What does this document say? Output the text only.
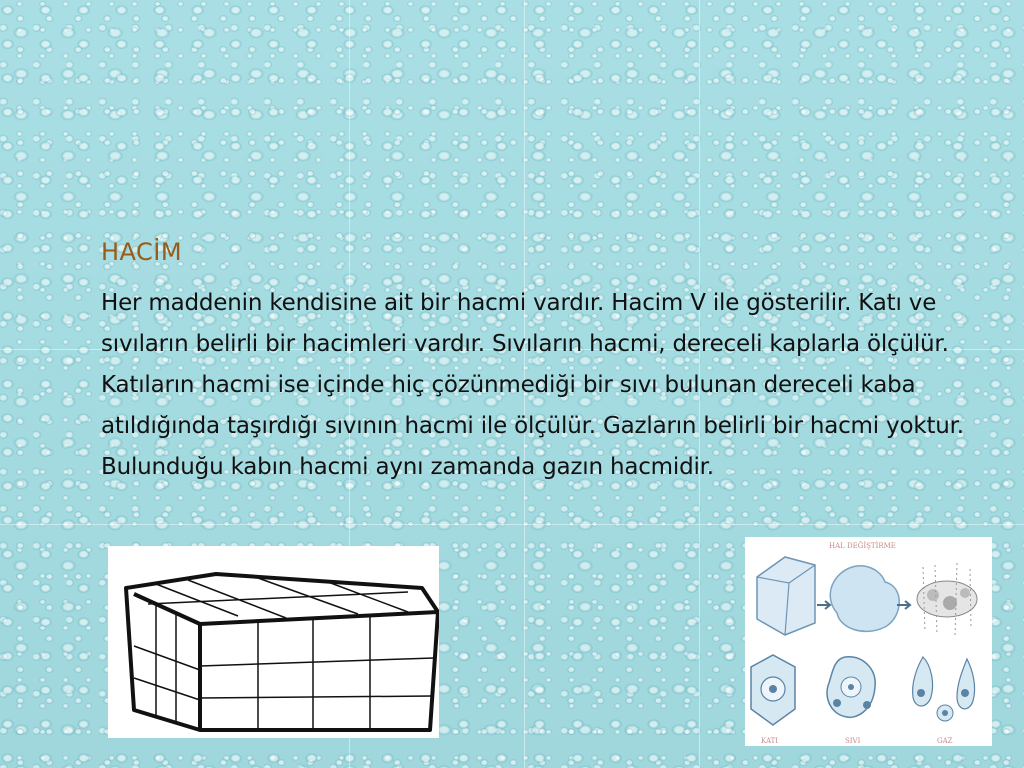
HACİM
Her maddenin kendisine ait bir hacmi vardır. Hacim V ile gösterilir. Katı ve sıvıların belirli bir hacimleri vardır. Sıvıların hacmi, dereceli kaplarla ölçülür. Katıların hacmi ise içinde hiç çözünmediği bir sıvı bulunan dereceli kaba atıldığında taşırdığı sıvının hacmi ile ölçülür. Gazların belirli bir hacmi yoktur. Bulunduğu kabın hacmi aynı zamanda gazın hacmidir.
HAL DEĞİŞTİRME
KATI	SIVI	GAZ
